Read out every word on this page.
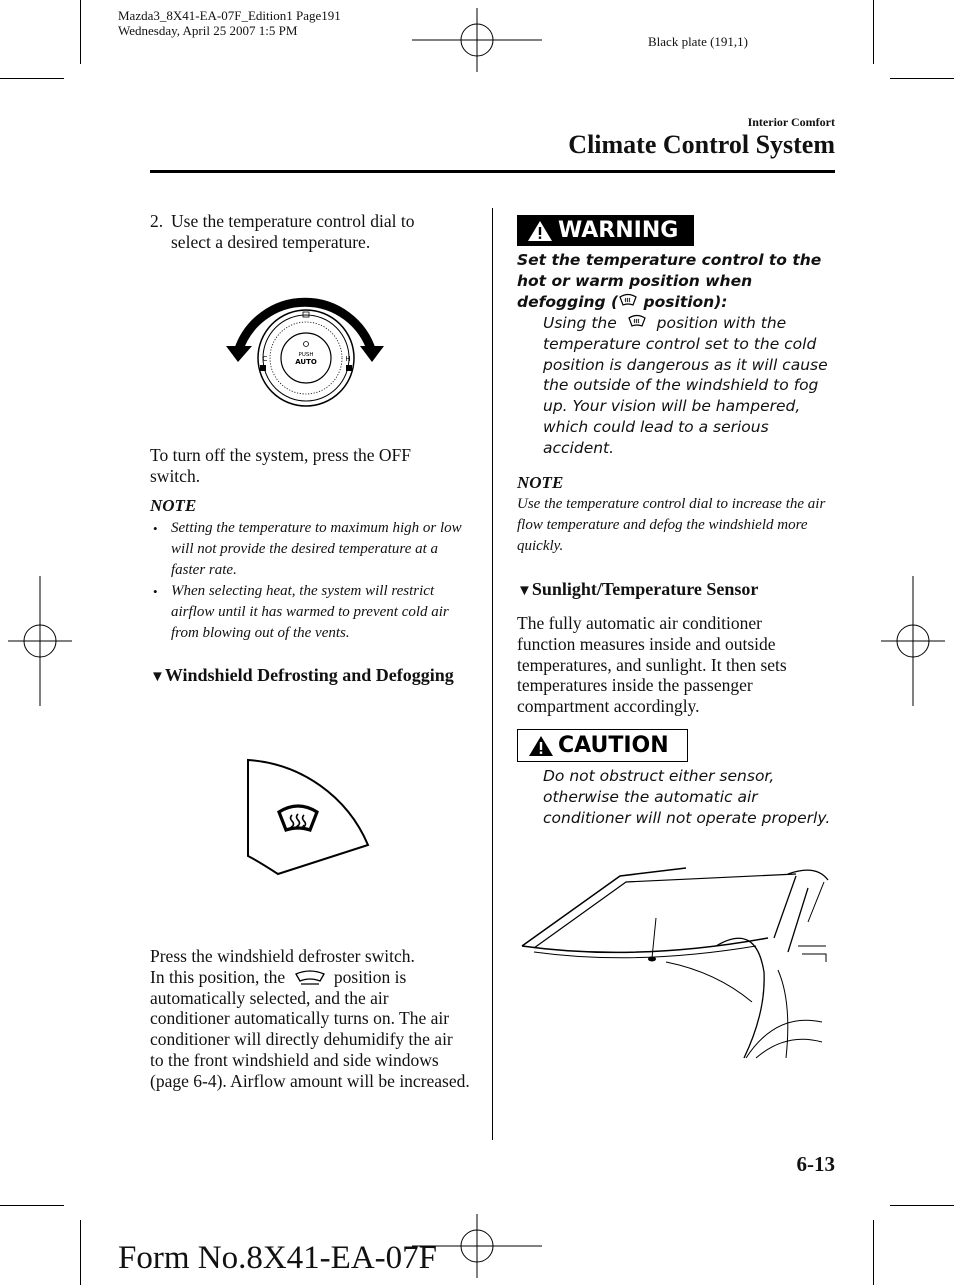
Mazda3_8X41-EA-07F_Edition1 Page191
Wednesday, April 25 2007 1:5 PM
Black plate (191,1)
Interior Comfort
Climate Control System
2. Use the temperature control dial to select a desired temperature.
PUSH
AUTO
C	H
To turn off the system, press the OFF switch.
NOTE
• Setting the temperature to maximum high or low will not provide the desired temperature at a faster rate.
• When selecting heat, the system will restrict airflow until it has warmed to prevent cold air from blowing out of the vents.
▼Windshield Defrosting and Defogging
Press the windshield defroster switch.
In this position, the	position is automatically selected, and the air conditioner automatically turns on. The air conditioner will directly dehumidify the air to the front windshield and side windows (page 6-4). Airflow amount will be increased.
WARNING
Set the temperature control to the hot or warm position when defogging ( position):
Using the	position with the temperature control set to the cold position is dangerous as it will cause the outside of the windshield to fog up. Your vision will be hampered, which could lead to a serious accident.
NOTE
Use the temperature control dial to increase the air flow temperature and defog the windshield more quickly.
▼Sunlight/Temperature Sensor
The fully automatic air conditioner function measures inside and outside temperatures, and sunlight. It then sets temperatures inside the passenger compartment accordingly.
CAUTION
Do not obstruct either sensor, otherwise the automatic air conditioner will not operate properly.
6-13
Form No.8X41-EA-07F
